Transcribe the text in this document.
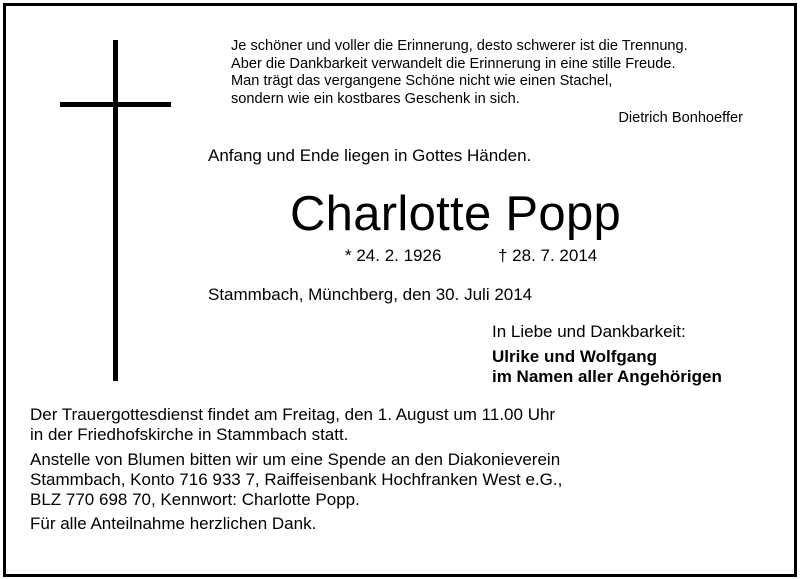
Je schöner und voller die Erinnerung, desto schwerer ist die Trennung.
Aber die Dankbarkeit verwandelt die Erinnerung in eine stille Freude.
Man trägt das vergangene Schöne nicht wie einen Stachel,
sondern wie ein kostbares Geschenk in sich.
Dietrich Bonhoeffer
Anfang und Ende liegen in Gottes Händen.
Charlotte Popp
* 24. 2. 1926	† 28. 7. 2014
Stammbach, Münchberg, den 30. Juli 2014
In Liebe und Dankbarkeit:
Ulrike und Wolfgang
im Namen aller Angehörigen
Der Trauergottesdienst findet am Freitag, den 1. August um 11.00 Uhr
in der Friedhofskirche in Stammbach statt.
Anstelle von Blumen bitten wir um eine Spende an den Diakonieverein
Stammbach, Konto 716 933 7, Raiffeisenbank Hochfranken West e.G.,
BLZ 770 698 70, Kennwort: Charlotte Popp.
Für alle Anteilnahme herzlichen Dank.
